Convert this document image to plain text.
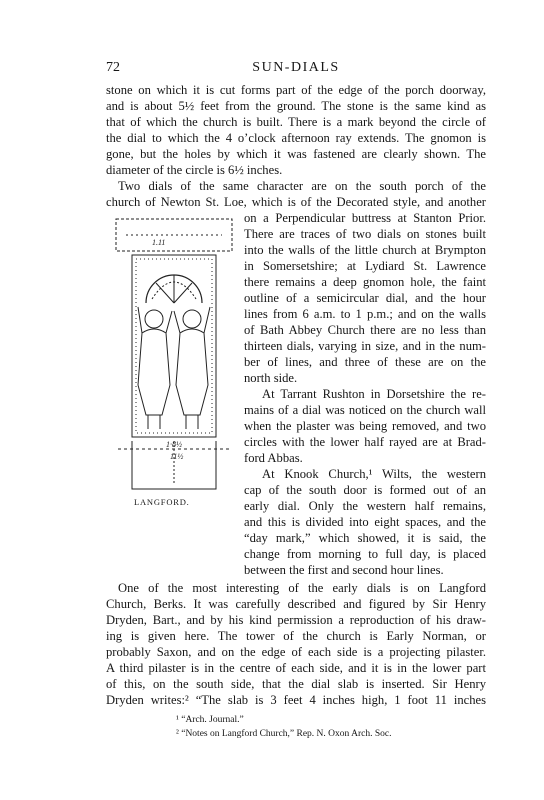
72	SUN-DIALS
stone on which it is cut forms part of the edge of the porch doorway,
and is about 5½ feet from the ground. The stone is the same kind as
that of which the church is built. There is a mark beyond the circle of
the dial to which the 4 o’clock afternoon ray extends. The gnomon is
gone, but the holes by which it was fastened are clearly shown. The
diameter of the circle is 6½ inches.
Two dials of the same character are on the south porch of the
church of Newton St. Loe, which is of the Decorated style, and another
on a Perpendicular buttress at Stanton Prior.
There are traces of two dials on stones built
into the walls of the little church at Brympton
in Somersetshire; at Lydiard St. Lawrence
there remains a deep gnomon hole, the faint
outline of a semicircular dial, and the hour
lines from 6 a.m. to 1 p.m.; and on the walls
of Bath Abbey Church there are no less than
thirteen dials, varying in size, and in the num-
ber of lines, and three of these are on the
north side.
At Tarrant Rushton in Dorsetshire the re-
mains of a dial was noticed on the church wall
when the plaster was being removed, and two
circles with the lower half rayed are at Brad-
ford Abbas.
At Knook Church,¹ Wilts, the western
cap of the south door is formed out of an
early dial. Only the western half remains,
and this is divided into eight spaces, and the
“day mark,” which showed, it is said, the
change from morning to full day, is placed
between the first and second hour lines.
One of the most interesting of the early dials is on Langford
Church, Berks. It was carefully described and figured by Sir Henry
Dryden, Bart., and by his kind permission a reproduction of his draw-
ing is given here. The tower of the church is Early Norman, or
probably Saxon, and on the edge of each side is a projecting pilaster.
A third pilaster is in the centre of each side, and it is in the lower part
of this, on the south side, that the dial slab is inserted. Sir Henry
Dryden writes:² “The slab is 3 feet 4 inches high, 1 foot 11 inches
¹ “Arch. Journal.”
² “Notes on Langford Church,” Rep. N. Oxon Arch. Soc.
1.11
1·8½
11½
LANGFORD.
